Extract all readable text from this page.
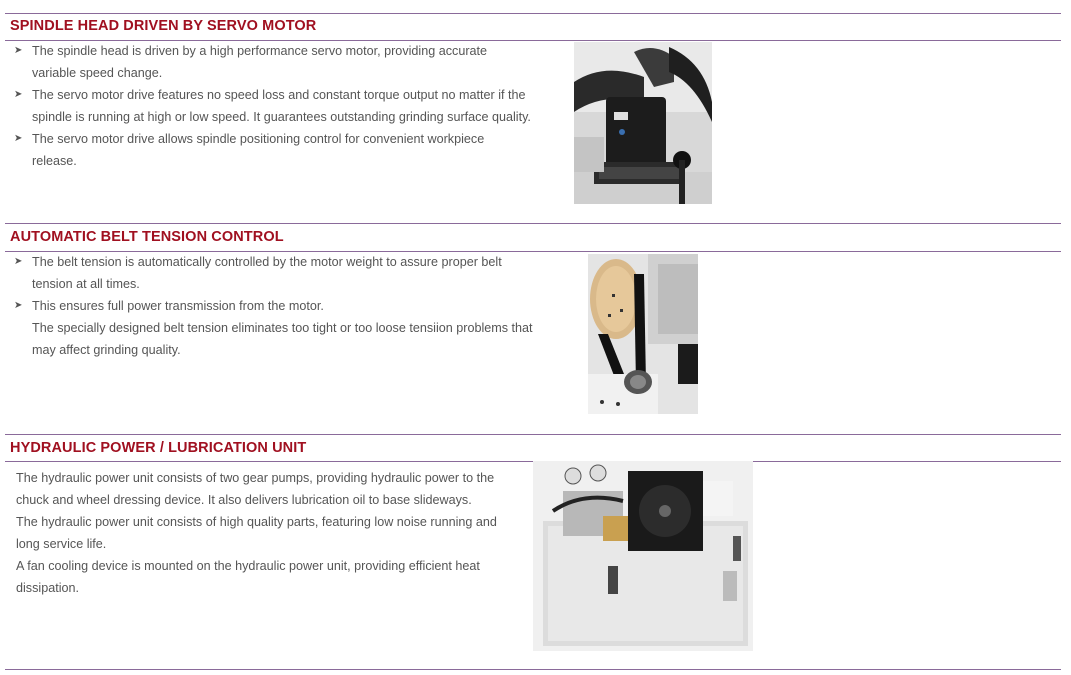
SPINDLE HEAD DRIVEN BY SERVO MOTOR
➤ The spindle head is driven by a high performance servo motor, providing accurate variable speed change.
➤ The servo motor drive features no speed loss and constant torque output no matter if the spindle is running at high or low speed. It guarantees outstanding grinding surface quality.
➤ The servo motor drive allows spindle positioning control for convenient workpiece release.
AUTOMATIC BELT TENSION CONTROL
➤ The belt tension is automatically controlled by the motor weight to assure proper belt tension at all times.
➤ This ensures full power transmission from the motor.
The specially designed belt tension eliminates too tight or too loose tensiion problems that may affect grinding quality.
HYDRAULIC POWER / LUBRICATION UNIT

The hydraulic power unit consists of two gear pumps, providing hydraulic power to the chuck and wheel dressing device. It also delivers lubrication oil to base slideways.

The hydraulic power unit consists of high quality parts, featuring low noise running and long service life.

A fan cooling device is mounted on the hydraulic power unit, providing efficient heat dissipation.
